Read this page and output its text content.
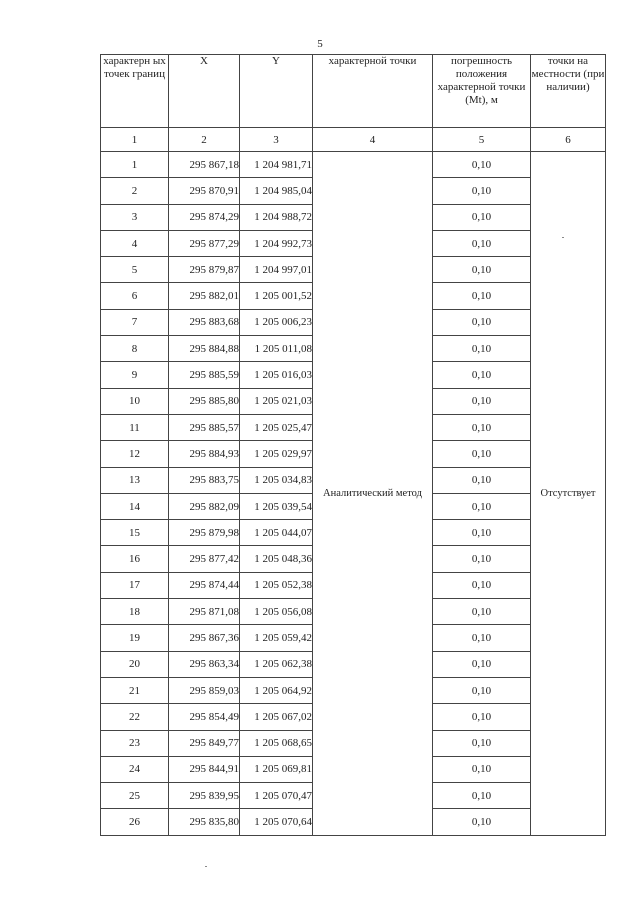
5
характерн ых точек границ	X	Y	характерной точки	погрешность положения характерной точки (Mt), м	точки на местности (при наличии)
1	2	3	4	5	6
1	295 867,18	1 204 981,71	Аналитический метод	0,10	Отсутствует
2	295 870,91	1 204 985,04		0,10	
3	295 874,29	1 204 988,72		0,10	
4	295 877,29	1 204 992,73		0,10	
5	295 879,87	1 204 997,01		0,10	
6	295 882,01	1 205 001,52		0,10	
7	295 883,68	1 205 006,23		0,10	
8	295 884,88	1 205 011,08		0,10	
9	295 885,59	1 205 016,03		0,10	
10	295 885,80	1 205 021,03		0,10	
11	295 885,57	1 205 025,47		0,10	
12	295 884,93	1 205 029,97		0,10	
13	295 883,75	1 205 034,83		0,10	
14	295 882,09	1 205 039,54		0,10	
15	295 879,98	1 205 044,07		0,10	
16	295 877,42	1 205 048,36		0,10	
17	295 874,44	1 205 052,38		0,10	
18	295 871,08	1 205 056,08		0,10	
19	295 867,36	1 205 059,42		0,10	
20	295 863,34	1 205 062,38		0,10	
21	295 859,03	1 205 064,92		0,10	
22	295 854,49	1 205 067,02		0,10	
23	295 849,77	1 205 068,65		0,10	
24	295 844,91	1 205 069,81		0,10	
25	295 839,95	1 205 070,47		0,10	
26	295 835,80	1 205 070,64		0,10	
